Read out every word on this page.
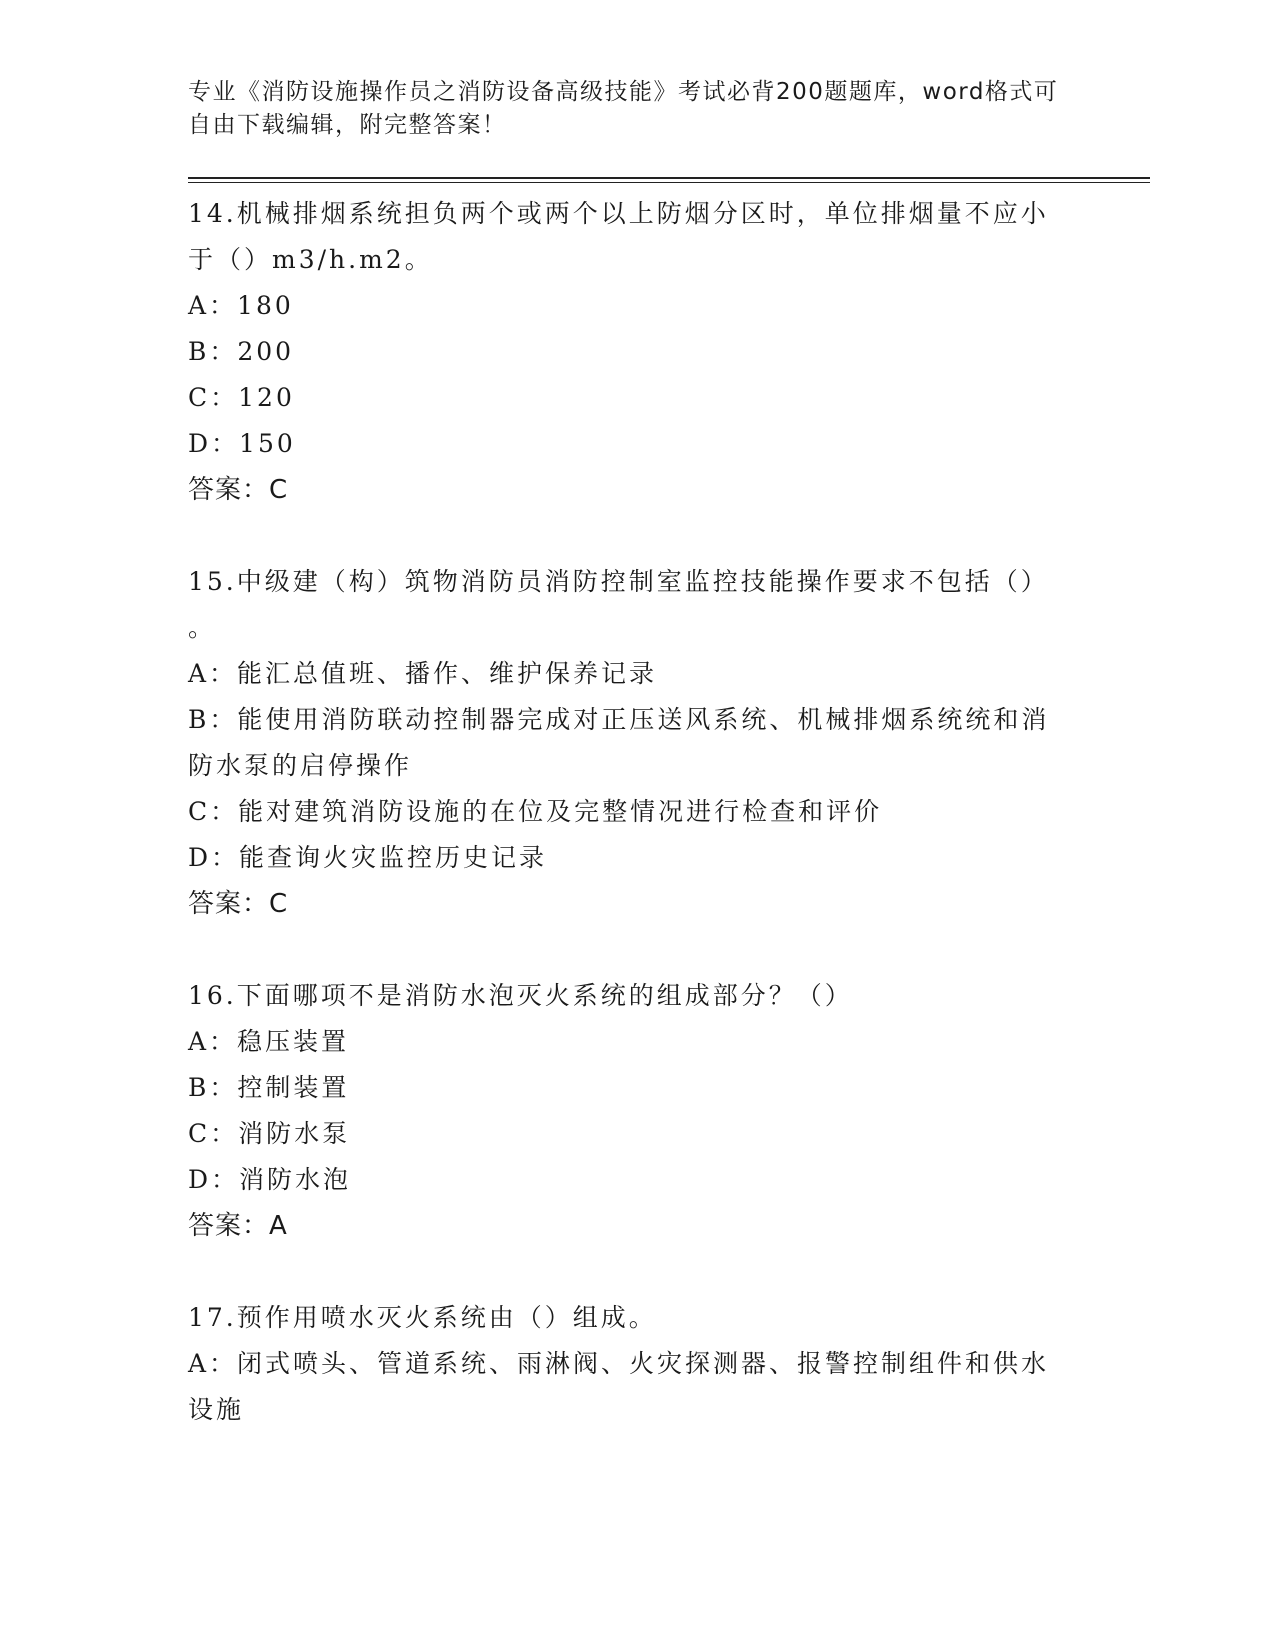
专业《消防设施操作员之消防设备高级技能》考试必背200题题库，word格式可
自由下载编辑，附完整答案！
14.机械排烟系统担负两个或两个以上防烟分区时，单位排烟量不应小
于（）m3/h.m2。
A：180
B：200
C：120
D：150
答案：C
15.中级建（构）筑物消防员消防控制室监控技能操作要求不包括（）
。
A：能汇总值班、播作、维护保养记录
B：能使用消防联动控制器完成对正压送风系统、机械排烟系统统和消
防水泵的启停操作
C：能对建筑消防设施的在位及完整情况进行检查和评价
D：能查询火灾监控历史记录
答案：C
16.下面哪项不是消防水泡灭火系统的组成部分？（）
A：稳压装置
B：控制装置
C：消防水泵
D：消防水泡
答案：A
17.预作用喷水灭火系统由（）组成。
A：闭式喷头、管道系统、雨淋阀、火灾探测器、报警控制组件和供水
设施
